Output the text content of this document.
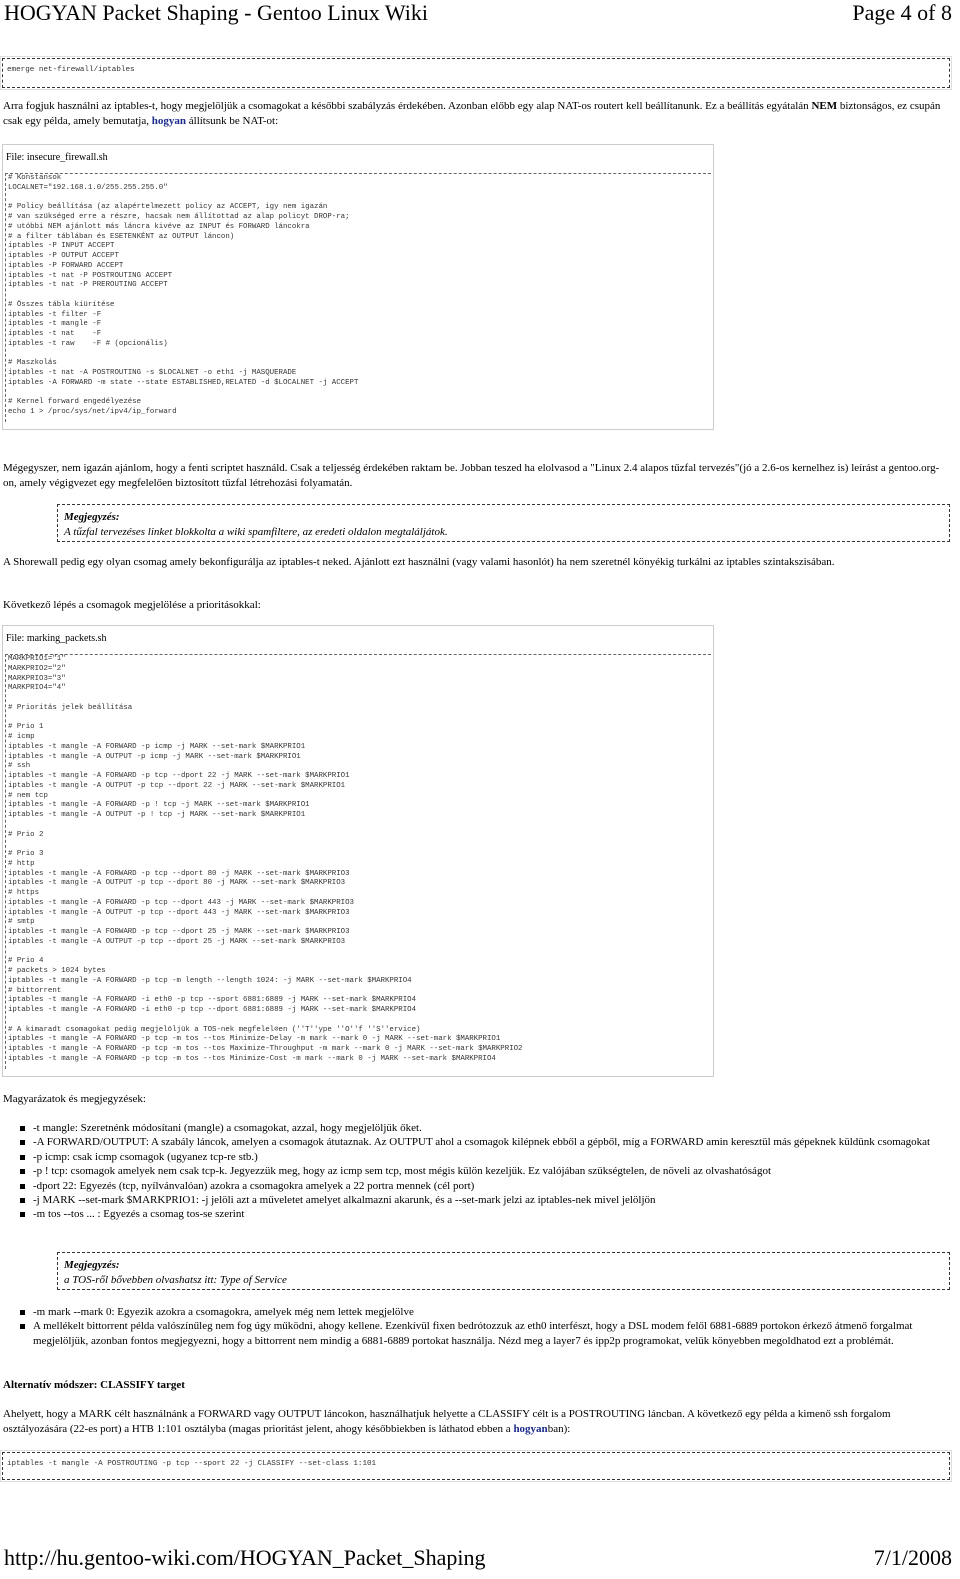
HOGYAN Packet Shaping - Gentoo Linux Wiki	Page 4 of 8
emerge net-firewall/iptables
Arra fogjuk használni az iptables-t, hogy megjelöljük a csomagokat a későbbi szabályzás érdekében. Azonban előbb egy alap NAT-os routert kell beállítanunk. Ez a beállítás egyátalán NEM biztonságos, ez csupán csak egy példa, amely bemutatja, hogyan állítsunk be NAT-ot:
File: insecure_firewall.sh
# Konstansok
LOCALNET="192.168.1.0/255.255.255.0"

# Policy beállítása (az alapértelmezett policy az ACCEPT, igy nem igazán
# van szükséged erre a részre, hacsak nem állítottad az alap policyt DROP-ra;
# utóbbi NEM ajánlott más láncra kivéve az INPUT és FORWARD láncokra
# a filter táblában és ESETENKÉNT az OUTPUT láncon)
iptables -P INPUT ACCEPT
iptables -P OUTPUT ACCEPT
iptables -P FORWARD ACCEPT
iptables -t nat -P POSTROUTING ACCEPT
iptables -t nat -P PREROUTING ACCEPT

# Összes tábla kiürítése
iptables -t filter -F
iptables -t mangle -F
iptables -t nat    -F
iptables -t raw    -F # (opcionális)

# Maszkolás
iptables -t nat -A POSTROUTING -s $LOCALNET -o eth1 -j MASQUERADE
iptables -A FORWARD -m state --state ESTABLISHED,RELATED -d $LOCALNET -j ACCEPT

# Kernel forward engedélyezése
echo 1 > /proc/sys/net/ipv4/ip_forward
Mégegyszer, nem igazán ajánlom, hogy a fenti scriptet használd. Csak a teljesség érdekében raktam be. Jobban teszed ha elolvasod a "Linux 2.4 alapos tűzfal tervezés"(jó a 2.6-os kernelhez is) leírást a gentoo.org-on, amely végigvezet egy megfelelően biztosított tűzfal létrehozási folyamatán.
Megjegyzés:
A tűzfal tervezéses linket blokkolta a wiki spamfiltere, az eredeti oldalon megtaláljátok.
A Shorewall pedig egy olyan csomag amely bekonfigurálja az iptables-t neked. Ajánlott ezt használni (vagy valami hasonlót) ha nem szeretnél könyékig turkálni az iptables szintakszisában.
Következő lépés a csomagok megjelölése a prioritásokkal:
File: marking_packets.sh
MARKPRIO1="1"
MARKPRIO2="2"
MARKPRIO3="3"
MARKPRIO4="4"

# Prioritás jelek beállítása

# Prio 1
# icmp
iptables -t mangle -A FORWARD -p icmp -j MARK --set-mark $MARKPRIO1
iptables -t mangle -A OUTPUT -p icmp -j MARK --set-mark $MARKPRIO1
# ssh
iptables -t mangle -A FORWARD -p tcp --dport 22 -j MARK --set-mark $MARKPRIO1
iptables -t mangle -A OUTPUT -p tcp --dport 22 -j MARK --set-mark $MARKPRIO1
# nem tcp
iptables -t mangle -A FORWARD -p ! tcp -j MARK --set-mark $MARKPRIO1
iptables -t mangle -A OUTPUT -p ! tcp -j MARK --set-mark $MARKPRIO1

# Prio 2

# Prio 3
# http
iptables -t mangle -A FORWARD -p tcp --dport 80 -j MARK --set-mark $MARKPRIO3
iptables -t mangle -A OUTPUT -p tcp --dport 80 -j MARK --set-mark $MARKPRIO3
# https
iptables -t mangle -A FORWARD -p tcp --dport 443 -j MARK --set-mark $MARKPRIO3
iptables -t mangle -A OUTPUT -p tcp --dport 443 -j MARK --set-mark $MARKPRIO3
# smtp
iptables -t mangle -A FORWARD -p tcp --dport 25 -j MARK --set-mark $MARKPRIO3
iptables -t mangle -A OUTPUT -p tcp --dport 25 -j MARK --set-mark $MARKPRIO3

# Prio 4
# packets > 1024 bytes
iptables -t mangle -A FORWARD -p tcp -m length --length 1024: -j MARK --set-mark $MARKPRIO4
# bittorrent
iptables -t mangle -A FORWARD -i eth0 -p tcp --sport 6881:6889 -j MARK --set-mark $MARKPRIO4
iptables -t mangle -A FORWARD -i eth0 -p tcp --dport 6881:6889 -j MARK --set-mark $MARKPRIO4

# A kimaradt csomagokat pedig megjelöljük a TOS-nek megfelel⊘en (''T''ype ''O''f ''S''ervice)
iptables -t mangle -A FORWARD -p tcp -m tos --tos Minimize-Delay -m mark --mark 0 -j MARK --set-mark $MARKPRIO1
iptables -t mangle -A FORWARD -p tcp -m tos --tos Maximize-Throughput -m mark --mark 0 -j MARK --set-mark $MARKPRIO2
iptables -t mangle -A FORWARD -p tcp -m tos --tos Minimize-Cost -m mark --mark 0 -j MARK --set-mark $MARKPRIO4
Magyarázatok és megjegyzések:
-t mangle: Szeretnénk módosítani (mangle) a csomagokat, azzal, hogy megjelöljük őket.
-A FORWARD/OUTPUT: A szabály láncok, amelyen a csomagok átutaznak. Az OUTPUT ahol a csomagok kilépnek ebből a gépből, míg a FORWARD amin keresztül más gépeknek küldünk csomagokat
-p icmp: csak icmp csomagok (ugyanez tcp-re stb.)
-p ! tcp: csomagok amelyek nem csak tcp-k. Jegyezzük meg, hogy az icmp sem tcp, most mégis külön kezeljük. Ez valójában szükségtelen, de növeli az olvashatóságot
-dport 22: Egyezés (tcp, nyílvánvalóan) azokra a csomagokra amelyek a 22 portra mennek (cél port)
-j MARK --set-mark $MARKPRIO1: -j jelöli azt a műveletet amelyet alkalmazni akarunk, és a --set-mark jelzi az iptables-nek mivel jelöljön
-m tos --tos ... : Egyezés a csomag tos-se szerint
Megjegyzés:
a TOS-ről bővebben olvashatsz itt: Type of Service
-m mark --mark 0: Egyezik azokra a csomagokra, amelyek még nem lettek megjelölve
A mellékelt bittorrent példa valószínűleg nem fog úgy működni, ahogy kellene. Ezenkívül fixen bedrótozzuk az eth0 interfészt, hogy a DSL modem felől 6881-6889 portokon érkező átmenő forgalmat megjelöljük, azonban fontos megjegyezni, hogy a bittorrent nem mindig a 6881-6889 portokat használja. Nézd meg a layer7 és ipp2p programokat, velük könyebben megoldhatod ezt a problémát.
Alternatív módszer: CLASSIFY target
Ahelyett, hogy a MARK célt használnánk a FORWARD vagy OUTPUT láncokon, használhatjuk helyette a CLASSIFY célt is a POSTROUTING láncban. A következő egy példa a kimenő ssh forgalom osztályozására (22-es port) a HTB 1:101 osztályba (magas prioritást jelent, ahogy későbbiekben is láthatod ebben a hogyanban):
iptables -t mangle -A POSTROUTING -p tcp --sport 22 -j CLASSIFY --set-class 1:101
http://hu.gentoo-wiki.com/HOGYAN_Packet_Shaping	7/1/2008
